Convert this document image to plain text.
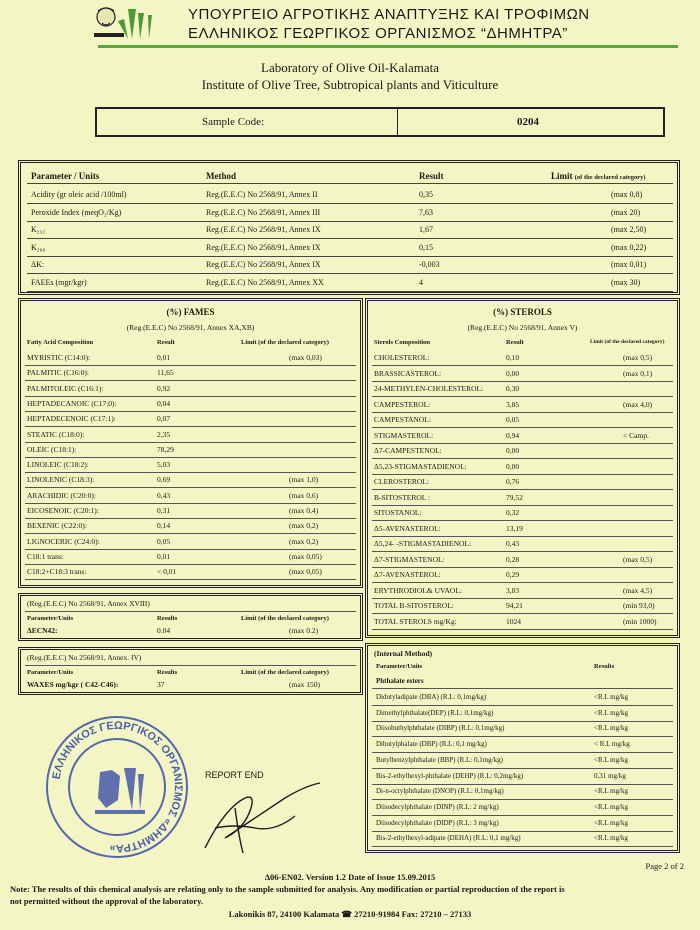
ΥΠΟΥΡΓΕΙΟ ΑΓΡΟΤΙΚΗΣ ΑΝΑΠΤΥΞΗΣ ΚΑΙ ΤΡΟΦΙΜΩΝ
ΕΛΛΗΝΙΚΟΣ ΓΕΩΡΓΙΚΟΣ ΟΡΓΑΝΙΣΜΟΣ “ΔΗΜΗΤΡΑ”
Laboratory of Olive Oil-Kalamata
Institute of Olive Tree, Subtropical plants and Viticulture
Sample Code:	0204
Parameter / Units	Method	Result	Limit (of the declared category)
Acidity (gr oleic acid /100ml)	Reg.(E.E.C) No 2568/91, Annex II	0,35	(max 0,8)
Peroxide Index (meqO₂/Kg)	Reg.(E.E.C) No 2568/91, Annex III	7,63	(max 20)
K₂₃₂	Reg.(E.E.C) No 2568/91, Annex IX	1,67	(max 2,50)
K₂₆₈	Reg.(E.E.C) No 2568/91, Annex IX	0,15	(max 0,22)
ΔK:	Reg.(E.E.C) No 2568/91, Annex IX	-0,003	(max 0,01)
FAEEs (mgr/kgr)	Reg.(E.E.C) No 2568/91, Annex XX	4	(max 30)
(%) FAMES
(Reg.(E.E.C) No 2568/91, Annex XA,XB)
Fatty Acid Composition	Result	Limit (of the declared category)
MYRISTIC (C14:0):	0,01	(max 0,03)
PALMITIC (C16:0):	11,65
PALMITOLEIC (C16:1):	0,92
HEPTADECANOIC (C17:0):	0,04
HEPTADECENOIC (C17:1):	0,07
STEATIC (C18:0):	2,35
OLEIC (C18:1):	78,29
LINOLEIC (C18:2):	5,03
LINOLENIC (C18:3):	0,69	(max 1,0)
ARACHIDIC (C20:0):	0,43	(max 0,6)
EICOSENOIC (C20:1):	0,31	(max 0,4)
BEXENIC (C22:0):	0,14	(max 0,2)
LIGNOCERIC (C24:0):	0,05	(max 0,2)
C18:1 trans:	0,01	(max 0,05)
C18:2+C18:3 trans:	< 0,01	(max 0,05)
(%) STEROLS
(Reg.(E.E.C) No 2568/91, Annex V)
Sterols Composition	Result	Limit (of the declared category)
CHOLESTEROL:	0,10	(max 0,5)
BRASSICASTEROL:	0,00	(max 0,1)
24-METHYLEN-CHOLESTEROL:	0,30
CAMPESTEROL:	3,85	(max 4,0)
CAMPESTANOL:	0,05
STIGMASTEROL:	0,94	< Camp.
Δ7-CAMPESTENOL:	0,00
Δ5,23-STIGMASTADIENOL:	0,00
CLEROSTEROL:	0,76
B-SITOSTEROL :	79,52
SITOSTANOL:	0,32
Δ5-AVENASTEROL:	13,19
Δ5,24- -STIGMASTADIENOL:	0,43
Δ7-STIGMASTENOL:	0,28	(max 0,5)
Δ7-AVENASTEROL:	0,29
ERYTHRODIOL& UVAOL:	3,83	(max 4,5)
TOTAL B-SITOSTEROL:	94,21	(min 93,0)
TOTAL STEROLS mg/Kg:	1024	(min 1000)
(Reg.(E.E.C) No 2568/91, Annex XVIII)
Parameter/Units	Results	Limit (of the declared category)
ΔECN42:	0.04	(max 0.2)
(Reg.(E.E.C) No 2568/91, Annex. IV)
Parameter/Units	Results	Limit (of the declared category)
WAXES mg/kgr ( C42-C46):	37	(max 150)
(Internal Method)
Parameter/Units	Results
Phthalate esters
Didutyladipate (DBA) (R.L: 0,1mg/kg)	<R.L mg/kg
Dimethylphthalate(DEP) (R.L: 0,1mg/kg)	<R.L mg/kg
Diisobuthylphthalate (DIBP) (R.L: 0,1mg/kg)	<R.L mg/kg
Dibutylphalate (DBP) (R.L: 0,1 mg/kg)	< R.L mg/kg
Butylbenzylphthalate (BBP) (R.L: 0,1mg/kg)	<R.L mg/kg
Bis-2-ethylhexyl-phthalate (DEHP) (R.L: 0,2mg/kg)	0,31 mg/kg
Di-n-octylphthalate (DNOP) (R.L: 0,1mg/kg)	<R.L mg/kg
Diisodecylphthalate (DINP) (R.L: 2 mg/kg)	<R.L mg/kg
Diisodecylphthalate (DIDP) (R.L: 3 mg/kg)	<R.L mg/kg
Bis-2-ethylhexyl-adipate (DEHA) (R.L: 0,1 mg/kg)	<R.L mg/kg
ΕΛΛΗΝΙΚΟΣ ΓΕΩΡΓΙΚΟΣ ΟΡΓΑΝΙΣΜΟΣ «ΔΗΜΗΤΡΑ»
REPORT END
Page 2 of 2
Δ06-EN02. Version 1.2 Date of Issue 15.09.2015
Note: The results of this chemical analysis are relating only to the sample submitted for analysis. Any modification or partial reproduction of the report is
not permitted without the approval of the laboratory.
Lakonikis 87, 24100 Kalamata ☎ 27210-91984 Fax: 27210 – 27133
